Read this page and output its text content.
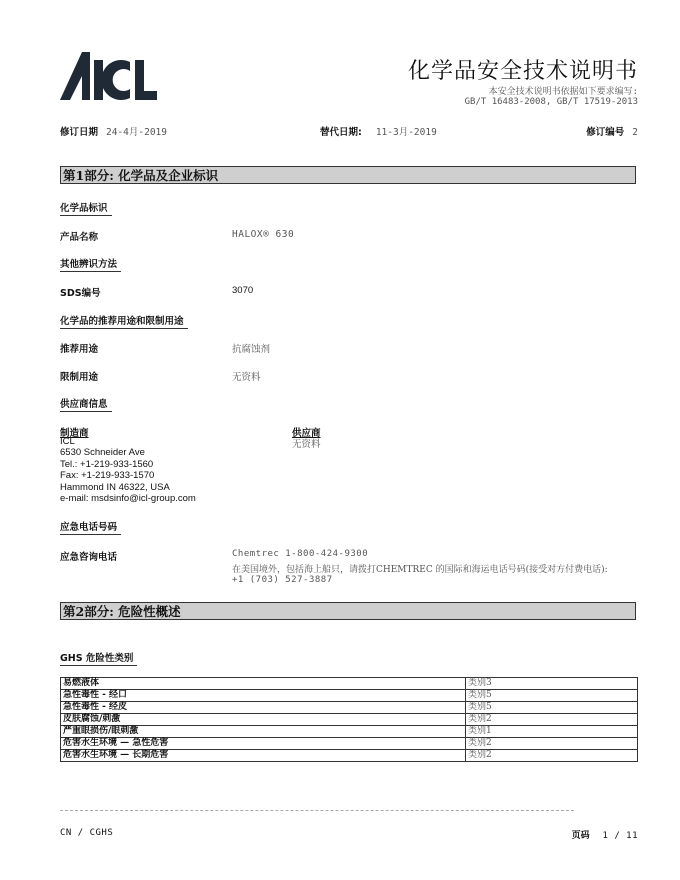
化学品安全技术说明书
本安全技术说明书依据如下要求编写:
GB/T 16483-2008, GB/T 17519-2013
修订日期 24-4月-2019	替代日期: 11-3月-2019	修订编号 2
第1部分: 化学品及企业标识
化学品标识
产品名称	HALOX® 630
其他辨识方法
SDS编号	3070
化学品的推荐用途和限制用途
推荐用途	抗腐蚀剂
限制用途	无资料
供应商信息
制造商
ICL
6530 Schneider Ave
Tel.: +1-219-933-1560
Fax: +1-219-933-1570
Hammond IN 46322, USA
e-mail: msdsinfo@icl-group.com
供应商
无资料
应急电话号码
应急咨询电话	Chemtrec 1-800-424-9300
在美国境外，包括海上船只，请拨打CHEMTREC 的国际和海运电话号码(接受对方付费电话):
+1 (703) 527-3887
第2部分: 危险性概述
GHS 危险性类别
易燃液体	类别3
急性毒性 - 经口	类别5
急性毒性 - 经皮	类别5
皮肤腐蚀/刺激	类别2
严重眼损伤/眼刺激	类别1
危害水生环境 — 急性危害	类别2
危害水生环境 — 长期危害	类别2
CN / CGHS	页码 1 / 11
